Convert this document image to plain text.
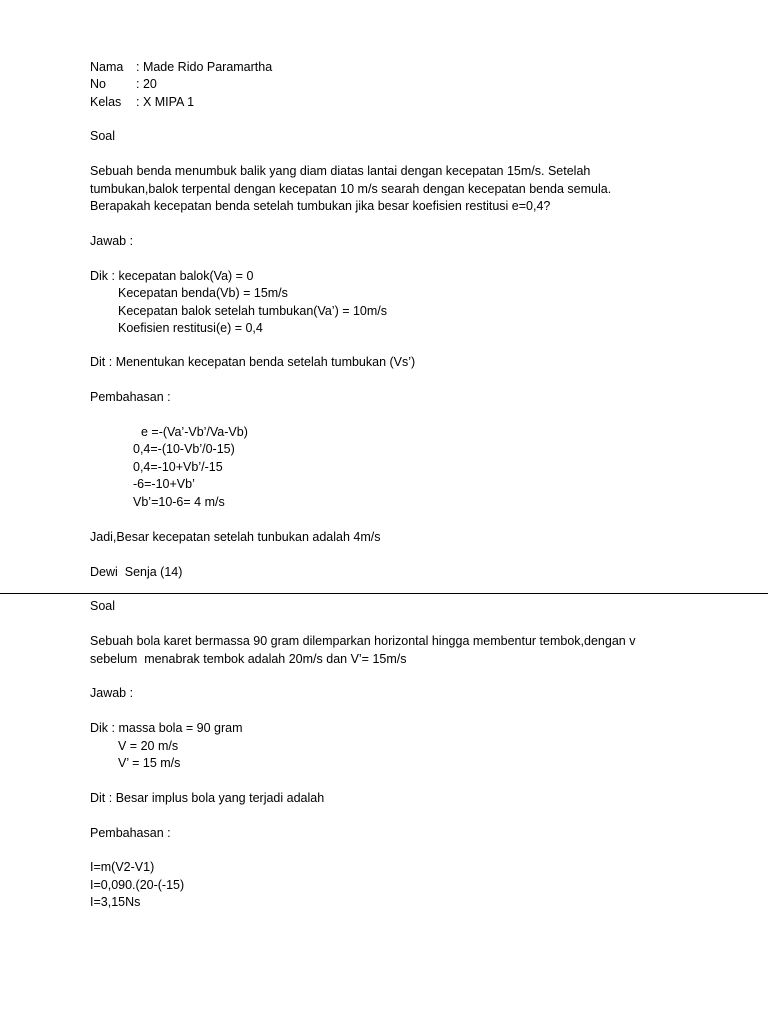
Nama : Made Rido Paramartha
No : 20
Kelas : X MIPA 1
Soal
Sebuah benda menumbuk balik yang diam diatas lantai dengan kecepatan 15m/s. Setelah
tumbukan,balok terpental dengan kecepatan 10 m/s searah dengan kecepatan benda semula.
Berapakah kecepatan benda setelah tumbukan jika besar koefisien restitusi e=0,4?
Jawab :
Dik : kecepatan balok(Va) = 0
Kecepatan benda(Vb) = 15m/s
Kecepatan balok setelah tumbukan(Va’) = 10m/s
Koefisien restitusi(e) = 0,4
Dit : Menentukan kecepatan benda setelah tumbukan (Vs’)
Pembahasan :
e =-(Va’-Vb’/Va-Vb)
0,4=-(10-Vb’/0-15)
0,4=-10+Vb’/-15
-6=-10+Vb’
Vb’=10-6= 4 m/s
Jadi,Besar kecepatan setelah tunbukan adalah 4m/s
Dewi  Senja (14)
Soal
Sebuah bola karet bermassa 90 gram dilemparkan horizontal hingga membentur tembok,dengan v
sebelum  menabrak tembok adalah 20m/s dan V’= 15m/s
Jawab :
Dik : massa bola = 90 gram
V = 20 m/s
V’ = 15 m/s
Dit : Besar implus bola yang terjadi adalah
Pembahasan :
I=m(V2-V1)
I=0,090.(20-(-15)
I=3,15Ns
